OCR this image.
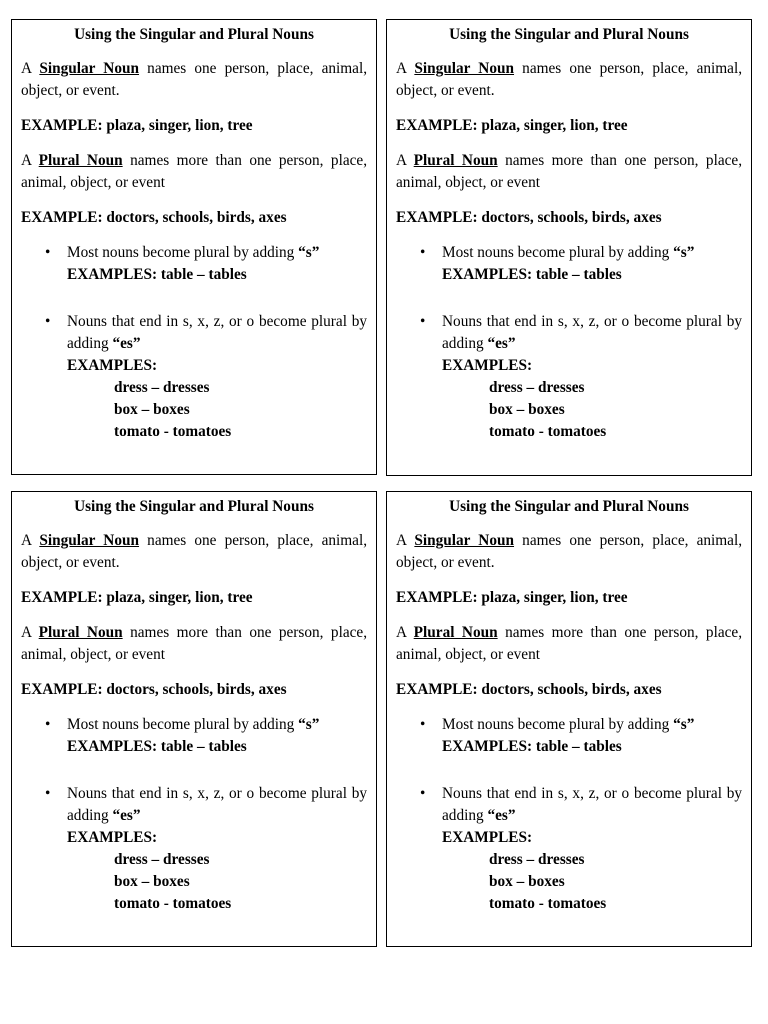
Using the Singular and Plural Nouns

A Singular Noun names one person, place, animal, object, or event.

EXAMPLE: plaza, singer, lion, tree

A Plural Noun names more than one person, place, animal, object, or event

EXAMPLE: doctors, schools, birds, axes
• Most nouns become plural by adding “s”
EXAMPLES: table – tables
• Nouns that end in s, x, z, or o become plural by adding “es”
EXAMPLES:
dress – dresses
box – boxes
tomato - tomatoes
Using the Singular and Plural Nouns

A Singular Noun names one person, place, animal, object, or event.

EXAMPLE: plaza, singer, lion, tree

A Plural Noun names more than one person, place, animal, object, or event

EXAMPLE: doctors, schools, birds, axes
• Most nouns become plural by adding “s”
EXAMPLES: table – tables
• Nouns that end in s, x, z, or o become plural by adding “es”
EXAMPLES:
dress – dresses
box – boxes
tomato - tomatoes
Using the Singular and Plural Nouns

A Singular Noun names one person, place, animal, object, or event.

EXAMPLE: plaza, singer, lion, tree

A Plural Noun names more than one person, place, animal, object, or event

EXAMPLE: doctors, schools, birds, axes
• Most nouns become plural by adding “s”
EXAMPLES: table – tables
• Nouns that end in s, x, z, or o become plural by adding “es”
EXAMPLES:
dress – dresses
box – boxes
tomato - tomatoes
Using the Singular and Plural Nouns

A Singular Noun names one person, place, animal, object, or event.

EXAMPLE: plaza, singer, lion, tree

A Plural Noun names more than one person, place, animal, object, or event

EXAMPLE: doctors, schools, birds, axes
• Most nouns become plural by adding “s”
EXAMPLES: table – tables
• Nouns that end in s, x, z, or o become plural by adding “es”
EXAMPLES:
dress – dresses
box – boxes
tomato - tomatoes
